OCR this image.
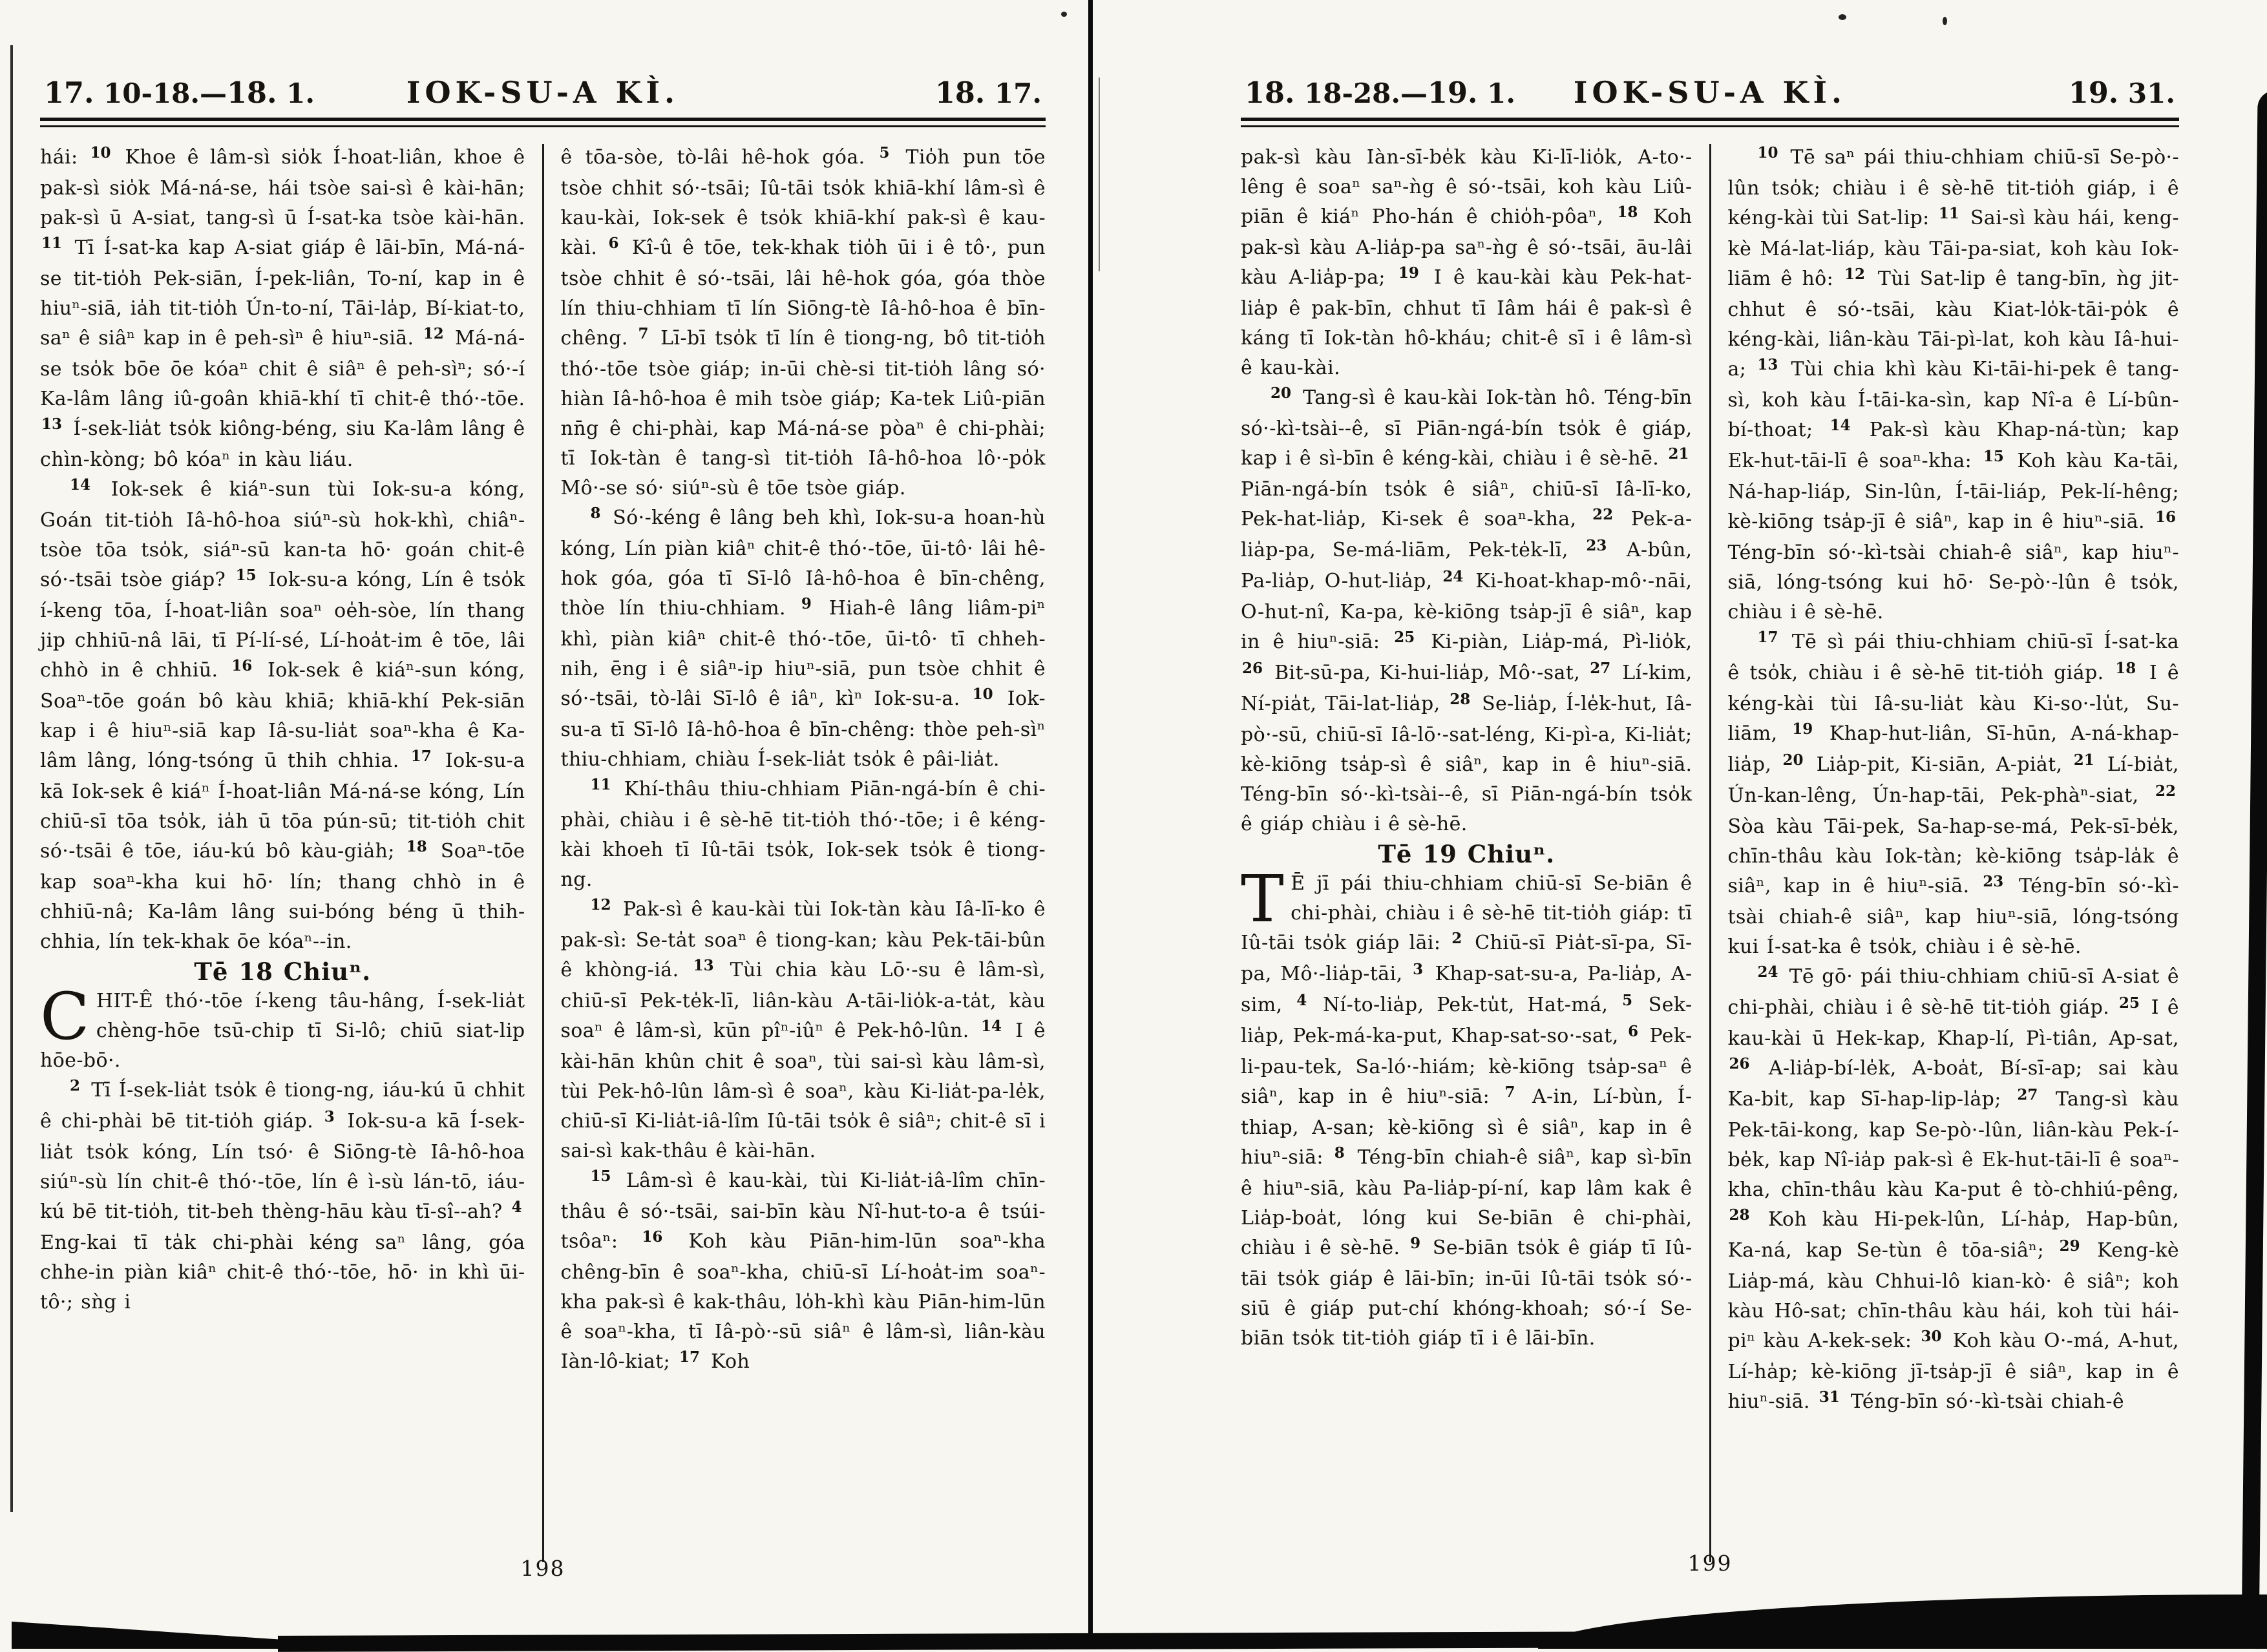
17. 10-18.—18. 1.	IOK-SU-A KÌ.	18. 17.

hái: $^{10}$ Khoe ê lâm-sì sio̍k Í-hoat-liân, khoe ê pak-sì sio̍k Má-ná-se, hái tsòe sai-sì ê kài-hān; pak-sì ū A-siat, tang-sì ū Í-sat-ka tsòe kài-hān. $^{11}$ Tī Í-sat-ka kap A-siat giáp ê lāi-bīn, Má-ná-se tit-tio̍h Pek-siān, Í-pek-liân, To-ní, kap in ê hiuⁿ-siā, ia̍h tit-tio̍h Ún-to-ní, Tāi-la̍p, Bí-kiat-to, saⁿ ê siâⁿ kap in ê peh-sìⁿ ê hiuⁿ-siā. $^{12}$ Má-ná-se tso̍k bōe ōe kóaⁿ chit ê siâⁿ ê peh-sìⁿ; só·-í Ka-lâm lâng iû-goân khiā-khí tī chit-ê thó·-tōe. $^{13}$ Í-sek-lia̍t tso̍k kiông-béng, siu Ka-lâm lâng ê chìn-kòng; bô kóaⁿ in kàu liáu.

$^{14}$ Iok-sek ê kiáⁿ-sun tùi Iok-su-a kóng, Goán tit-tio̍h Iâ-hô-hoa siúⁿ-sù hok-khì, chiâⁿ-tsòe tōa tso̍k, siáⁿ-sū kan-ta hō· goán chit-ê só·-tsāi tsòe giáp? $^{15}$ Iok-su-a kóng, Lín ê tso̍k í-keng tōa, Í-hoat-liân soaⁿ oe̍h-sòe, lín thang jip chhiū-nâ lāi, tī Pí-lí-sé, Lí-hoa̍t-im ê tōe, lâi chhò in ê chhiū. $^{16}$ Iok-sek ê kiáⁿ-sun kóng, Soaⁿ-tōe goán bô kàu khiā; khiā-khí Pek-siān kap i ê hiuⁿ-siā kap Iâ-su-lia̍t soaⁿ-kha ê Ka-lâm lâng, lóng-tsóng ū thih chhia. $^{17}$ Iok-su-a kā Iok-sek ê kiáⁿ Í-hoat-liân Má-ná-se kóng, Lín chiū-sī tōa tso̍k, ia̍h ū tōa pún-sū; tit-tio̍h chit só·-tsāi ê tōe, iáu-kú bô kàu-gia̍h; $^{18}$ Soaⁿ-tōe kap soaⁿ-kha kui hō· lín; thang chhò in ê chhiū-nâ; Ka-lâm lâng sui-bóng béng ū thih-chhia, lín tek-khak ōe kóaⁿ--in.

Tē 18 Chiuⁿ.

CHIT-Ê thó·-tōe í-keng tâu-hâng, Í-sek-lia̍t chèng-hōe tsū-chip tī Si-lô; chiū siat-lip hōe-bō·.

$^2$ Tī Í-sek-lia̍t tso̍k ê tiong-ng, iáu-kú ū chhit ê chi-phài bē tit-tio̍h giáp. $^3$ Iok-su-a kā Í-sek-lia̍t tso̍k kóng, Lín tsó· ê Siōng-tè Iâ-hô-hoa siúⁿ-sù lín chit-ê thó·-tōe, lín ê ì-sù lán-tō, iáu-kú bē tit-tio̍h, tit-beh thèng-hāu kàu tī-sî--ah? $^4$ Eng-kai tī ta̍k chi-phài kéng saⁿ lâng, góa chhe-in piàn kiâⁿ chit-ê thó·-tōe, hō· in khì ūi-tô·; sǹg i

ê tōa-sòe, tò-lâi hê-hok góa. $^5$ Tio̍h pun tōe tsòe chhit só·-tsāi; Iû-tāi tso̍k khiā-khí lâm-sì ê kau-kài, Iok-sek ê tso̍k khiā-khí pak-sì ê kau-kài. $^6$ Kî-û ê tōe, tek-khak tio̍h ūi i ê tô·, pun tsòe chhit ê só·-tsāi, lâi hê-hok góa, góa thòe lín thiu-chhiam tī lín Siōng-tè Iâ-hô-hoa ê bīn-chêng. $^7$ Lī-bī tso̍k tī lín ê tiong-ng, bô tit-tio̍h thó·-tōe tsòe giáp; in-ūi chè-si tit-tio̍h lâng só· hiàn Iâ-hô-hoa ê mih tsòe giáp; Ka-tek Liû-piān nn̄g ê chi-phài, kap Má-ná-se pòaⁿ ê chi-phài; tī Iok-tàn ê tang-sì tit-tio̍h Iâ-hô-hoa lô·-po̍k Mô·-se só· siúⁿ-sù ê tōe tsòe giáp.

$^8$ Só·-kéng ê lâng beh khì, Iok-su-a hoan-hù kóng, Lín piàn kiâⁿ chit-ê thó·-tōe, ūi-tô· lâi hê-hok góa, góa tī Sī-lô Iâ-hô-hoa ê bīn-chêng, thòe lín thiu-chhiam. $^9$ Hiah-ê lâng liâm-piⁿ khì, piàn kiâⁿ chit-ê thó·-tōe, ūi-tô· tī chheh-nih, ēng i ê siâⁿ-ip hiuⁿ-siā, pun tsòe chhit ê só·-tsāi, tò-lâi Sī-lô ê iâⁿ, kìⁿ Iok-su-a. $^{10}$ Iok-su-a tī Sī-lô Iâ-hô-hoa ê bīn-chêng: thòe peh-sìⁿ thiu-chhiam, chiàu Í-sek-lia̍t tso̍k ê pâi-lia̍t.

$^{11}$ Khí-thâu thiu-chhiam Piān-ngá-bín ê chi-phài, chiàu i ê sè-hē tit-tio̍h thó·-tōe; i ê kéng-kài khoeh tī Iû-tāi tso̍k, Iok-sek tso̍k ê tiong-ng.

$^{12}$ Pak-sì ê kau-kài tùi Iok-tàn kàu Iâ-lī-ko ê pak-sì: Se-ta̍t soaⁿ ê tiong-kan; kàu Pek-tāi-bûn ê khòng-iá. $^{13}$ Tùi chia kàu Lō·-su ê lâm-sì, chiū-sī Pek-te̍k-lī, liân-kàu A-tāi-lio̍k-a-ta̍t, kàu soaⁿ ê lâm-sì, kūn pîⁿ-iûⁿ ê Pek-hô-lûn. $^{14}$ I ê kài-hān khûn chit ê soaⁿ, tùi sai-sì kàu lâm-sì, tùi Pek-hô-lûn lâm-sì ê soaⁿ, kàu Ki-lia̍t-pa-le̍k, chiū-sī Ki-lia̍t-iâ-lîm Iû-tāi tso̍k ê siâⁿ; chit-ê sī i sai-sì kak-thâu ê kài-hān.

$^{15}$ Lâm-sì ê kau-kài, tùi Ki-lia̍t-iâ-lîm chīn-thâu ê só·-tsāi, sai-bīn kàu Nî-hut-to-a ê tsúi-tsôaⁿ: $^{16}$ Koh kàu Piān-him-lūn soaⁿ-kha chêng-bīn ê soaⁿ-kha, chiū-sī Lí-hoa̍t-im soaⁿ-kha pak-sì ê kak-thâu, lo̍h-khì kàu Piān-him-lūn ê soaⁿ-kha, tī Iâ-pò·-sū siâⁿ ê lâm-sì, liân-kàu Iàn-lô-kiat; $^{17}$ Koh

198
18. 18-28.—19. 1.	IOK-SU-A KÌ.	19. 31.

pak-sì kàu Iàn-sī-be̍k kàu Ki-lī-lio̍k, A-to·-lêng ê soaⁿ saⁿ-ǹg ê só·-tsāi, koh kàu Liû-piān ê kiáⁿ Pho-hán ê chio̍h-pôaⁿ, $^{18}$ Koh pak-sì kàu A-lia̍p-pa saⁿ-ǹg ê só·-tsāi, āu-lâi kàu A-lia̍p-pa; $^{19}$ I ê kau-kài kàu Pek-hat-lia̍p ê pak-bīn, chhut tī Iâm hái ê pak-sì ê káng tī Iok-tàn hô-kháu; chit-ê sī i ê lâm-sì ê kau-kài.

$^{20}$ Tang-sì ê kau-kài Iok-tàn hô. Téng-bīn só·-kì-tsài--ê, sī Piān-ngá-bín tso̍k ê giáp, kap i ê sì-bīn ê kéng-kài, chiàu i ê sè-hē. $^{21}$ Piān-ngá-bín tso̍k ê siâⁿ, chiū-sī Iâ-lī-ko, Pek-hat-lia̍p, Ki-sek ê soaⁿ-kha, $^{22}$ Pek-a-lia̍p-pa, Se-má-liām, Pek-te̍k-lī, $^{23}$ A-bûn, Pa-lia̍p, O-hut-lia̍p, $^{24}$ Ki-hoat-khap-mô·-nāi, O-hut-nî, Ka-pa, kè-kiōng tsa̍p-jī ê siâⁿ, kap in ê hiuⁿ-siā: $^{25}$ Ki-piàn, Lia̍p-má, Pì-lio̍k, $^{26}$ Bit-sū-pa, Ki-hui-lia̍p, Mô·-sat, $^{27}$ Lí-kim, Ní-pia̍t, Tāi-lat-lia̍p, $^{28}$ Se-lia̍p, Í-le̍k-hut, Iâ-pò·-sū, chiū-sī Iâ-lō·-sat-léng, Ki-pì-a, Ki-lia̍t; kè-kiōng tsa̍p-sì ê siâⁿ, kap in ê hiuⁿ-siā. Téng-bīn só·-kì-tsài--ê, sī Piān-ngá-bín tso̍k ê giáp chiàu i ê sè-hē.

Tē 19 Chiuⁿ.

T Ē jī pái thiu-chhiam chiū-sī Se-biān ê chi-phài, chiàu i ê sè-hē tit-tio̍h giáp: tī Iû-tāi tso̍k giáp lāi: $^2$ Chiū-sī Pia̍t-sī-pa, Sī-pa, Mô·-lia̍p-tāi, $^3$ Khap-sat-su-a, Pa-lia̍p, A-sim, $^4$ Ní-to-lia̍p, Pek-tu̍t, Hat-má, $^5$ Sek-lia̍p, Pek-má-ka-put, Khap-sat-so·-sat, $^6$ Pek-li-pau-tek, Sa-ló·-hiám; kè-kiōng tsa̍p-saⁿ ê siâⁿ, kap in ê hiuⁿ-siā: $^7$ A-in, Lí-bùn, Í-thiap, A-san; kè-kiōng sì ê siâⁿ, kap in ê hiuⁿ-siā: $^8$ Téng-bīn chiah-ê siâⁿ, kap sì-bīn ê hiuⁿ-siā, kàu Pa-lia̍p-pí-ní, kap lâm kak ê Lia̍p-boa̍t, lóng kui Se-biān ê chi-phài, chiàu i ê sè-hē. $^9$ Se-biān tso̍k ê giáp tī Iû-tāi tso̍k giáp ê lāi-bīn; in-ūi Iû-tāi tso̍k só·-siū ê giáp put-chí khóng-khoah; só·-í Se-biān tso̍k tit-tio̍h giáp tī i ê lāi-bīn.

$^{10}$ Tē saⁿ pái thiu-chhiam chiū-sī Se-pò·-lûn tso̍k; chiàu i ê sè-hē tit-tio̍h giáp, i ê kéng-kài tùi Sat-lip: $^{11}$ Sai-sì kàu hái, keng-kè Má-lat-liáp, kàu Tāi-pa-siat, koh kàu Iok-liām ê hô: $^{12}$ Tùi Sat-lip ê tang-bīn, ǹg jit-chhut ê só·-tsāi, kàu Kiat-lo̍k-tāi-po̍k ê kéng-kài, liân-kàu Tāi-pì-lat, koh kàu Iâ-hui-a; $^{13}$ Tùi chia khì kàu Ki-tāi-hi-pek ê tang-sì, koh kàu Í-tāi-ka-sìn, kap Nî-a ê Lí-bûn-bí-thoat; $^{14}$ Pak-sì kàu Khap-ná-tùn; kap Ek-hut-tāi-lī ê soaⁿ-kha: $^{15}$ Koh kàu Ka-tāi, Ná-hap-liáp, Sin-lûn, Í-tāi-liáp, Pek-lí-hêng; kè-kiōng tsa̍p-jī ê siâⁿ, kap in ê hiuⁿ-siā. $^{16}$ Téng-bīn só·-kì-tsài chiah-ê siâⁿ, kap hiuⁿ-siā, lóng-tsóng kui hō· Se-pò·-lûn ê tso̍k, chiàu i ê sè-hē.

$^{17}$ Tē sì pái thiu-chhiam chiū-sī Í-sat-ka ê tso̍k, chiàu i ê sè-hē tit-tio̍h giáp. $^{18}$ I ê kéng-kài tùi Iâ-su-lia̍t kàu Ki-so·-lu̍t, Su-liām, $^{19}$ Khap-hut-liân, Sī-hūn, A-ná-khap-lia̍p, $^{20}$ Lia̍p-pit, Ki-siān, A-pia̍t, $^{21}$ Lí-bia̍t, Ún-kan-lêng, Ún-hap-tāi, Pek-phàⁿ-siat, $^{22}$ Sòa kàu Tāi-pek, Sa-hap-se-má, Pek-sī-be̍k, chīn-thâu kàu Iok-tàn; kè-kiōng tsa̍p-la̍k ê siâⁿ, kap in ê hiuⁿ-siā. $^{23}$ Téng-bīn só·-kì-tsài chiah-ê siâⁿ, kap hiuⁿ-siā, lóng-tsóng kui Í-sat-ka ê tso̍k, chiàu i ê sè-hē.

$^{24}$ Tē gō· pái thiu-chhiam chiū-sī A-siat ê chi-phài, chiàu i ê sè-hē tit-tio̍h giáp. $^{25}$ I ê kau-kài ū Hek-kap, Khap-lí, Pì-tiân, Ap-sat, $^{26}$ A-lia̍p-bí-le̍k, A-boa̍t, Bí-sī-ap; sai kàu Ka-bi̍t, kap Sī-hap-lip-la̍p; $^{27}$ Tang-sì kàu Pek-tāi-kong, kap Se-pò·-lûn, liân-kàu Pek-í-be̍k, kap Nî-ia̍p pak-sì ê Ek-hut-tāi-lī ê soaⁿ-kha, chīn-thâu kàu Ka-put ê tò-chhiú-pêng, $^{28}$ Koh kàu Hi-pek-lûn, Lí-ha̍p, Hap-bûn, Ka-ná, kap Se-tùn ê tōa-siâⁿ; $^{29}$ Keng-kè Lia̍p-má, kàu Chhui-lô kian-kò· ê siâⁿ; koh kàu Hô-sat; chīn-thâu kàu hái, koh tùi hái-piⁿ kàu A-kek-sek: $^{30}$ Koh kàu O·-má, A-hut, Lí-ha̍p; kè-kiōng jī-tsa̍p-jī ê siâⁿ, kap in ê hiuⁿ-siā. $^{31}$ Téng-bīn só·-kì-tsài chiah-ê

199
